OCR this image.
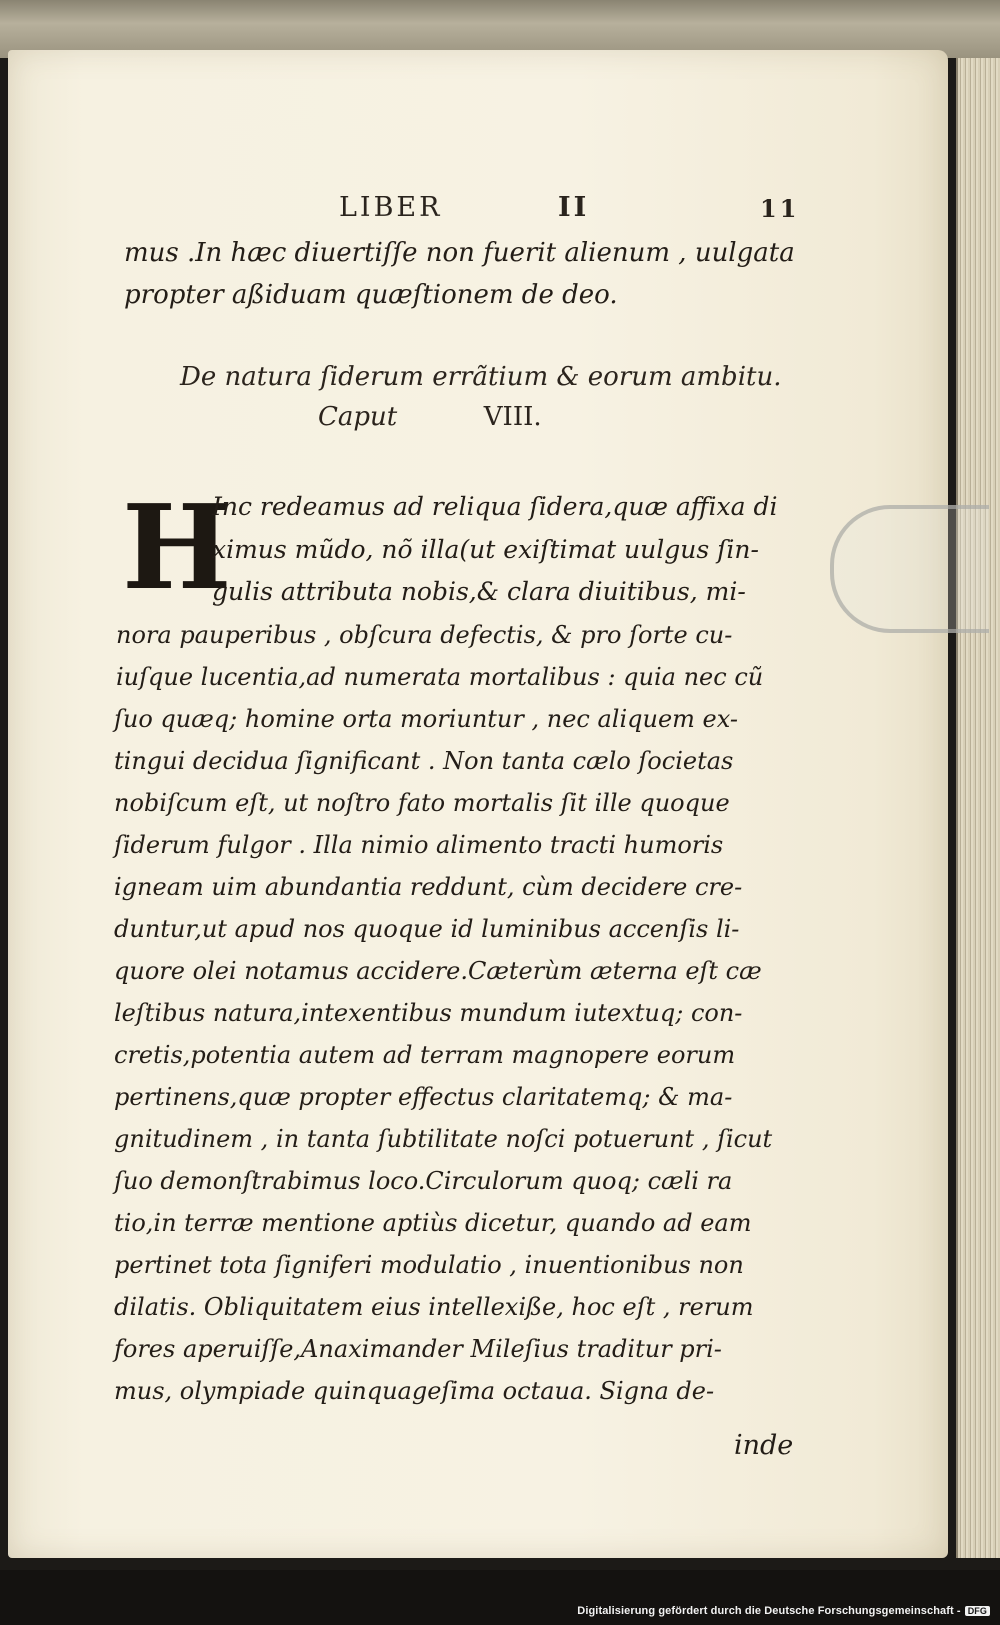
LIBER	II	11
mus .In hæc diuertiſſe non fuerit alienum , uulgata
propter aßiduam quæſtionem de deo.
De natura ſiderum errãtium & eorum ambitu.
Caput	VIII.
H
Inc redeamus ad reliqua ſidera,quæ affixa di
ximus mũdo, nõ illa(ut exiſtimat uulgus ſin-
gulis attributa nobis,& clara diuitibus, mi-
nora pauperibus , obſcura defectis, & pro ſorte cu-
iuſque lucentia,ad numerata mortalibus : quia nec cũ
ſuo quæq; homine orta moriuntur , nec aliquem ex-
tingui decidua ſignificant . Non tanta cælo ſocietas
nobiſcum eſt, ut noſtro fato mortalis ſit ille quoque
ſiderum fulgor . Illa nimio alimento tracti humoris
igneam uim abundantia reddunt, cùm decidere cre-
duntur,ut apud nos quoque id luminibus accenſis li-
quore olei notamus accidere.Cæterùm æterna eſt cæ
leſtibus natura,intexentibus mundum iutextuq; con-
cretis,potentia autem ad terram magnopere eorum
pertinens,quæ propter effectus claritatemq; & ma-
gnitudinem , in tanta ſubtilitate noſci potuerunt , ſicut
ſuo demonſtrabimus loco.Circulorum quoq; cæli ra
tio,in terræ mentione aptiùs dicetur, quando ad eam
pertinet tota ſigniferi modulatio , inuentionibus non
dilatis. Obliquitatem eius intellexiße, hoc eſt , rerum
fores aperuiſſe,Anaximander Mileſius traditur pri-
mus, olympiade quinquageſima octaua. Signa de-
inde
Digitalisierung gefördert durch die Deutsche Forschungsgemeinschaft - DFG
